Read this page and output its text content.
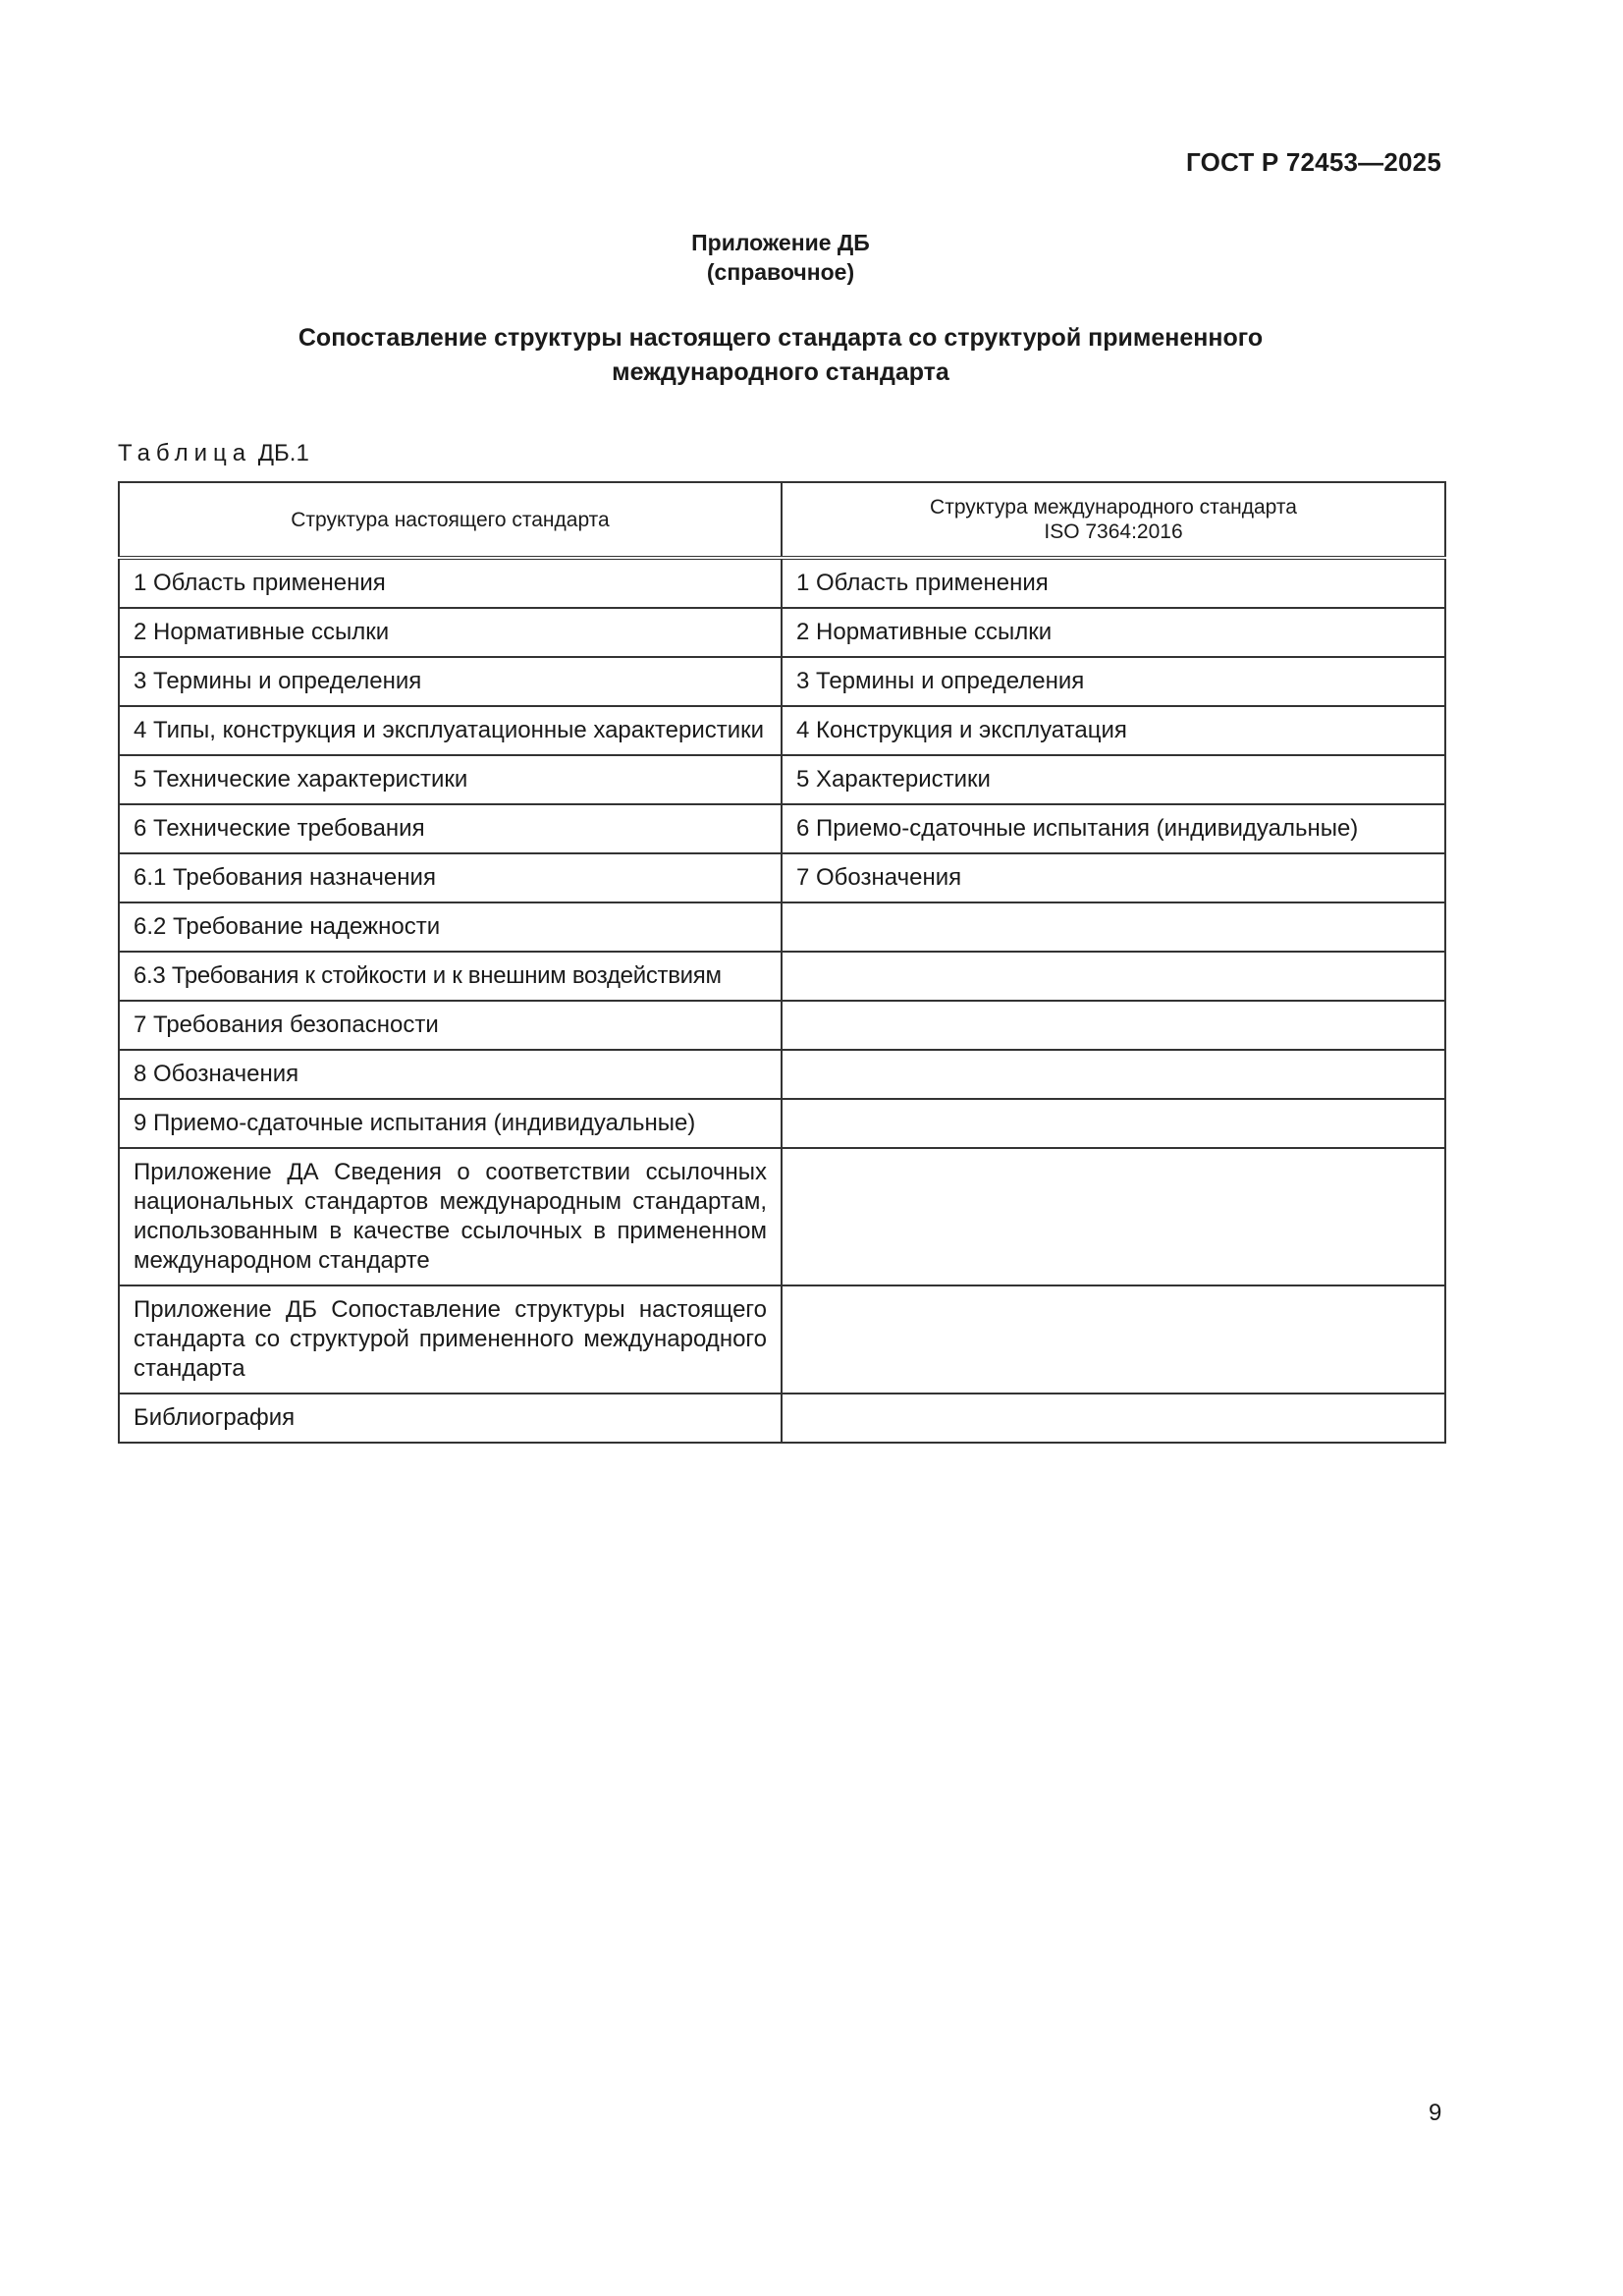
ГОСТ Р 72453—2025
Приложение ДБ
(справочное)
Сопоставление структуры настоящего стандарта со структурой примененного
международного стандарта
Таблица ДБ.1
Структура настоящего стандарта	Структура международного стандарта
ISO 7364:2016

1 Область применения	1 Область применения
2 Нормативные ссылки	2 Нормативные ссылки
3 Термины и определения	3 Термины и определения
4 Типы, конструкция и эксплуатационные характеристики	4 Конструкция и эксплуатация
5 Технические характеристики	5 Характеристики
6 Технические требования	6 Приемо-сдаточные испытания (индивидуальные)
6.1 Требования назначения	7 Обозначения
6.2 Требование надежности	
6.3 Требования к стойкости и к внешним воздействиям	
7 Требования безопасности	
8 Обозначения	
9 Приемо-сдаточные испытания (индивидуальные)	
Приложение ДА Сведения о соответствии ссылочных национальных стандартов международным стандартам, использованным в качестве ссылочных в примененном международном стандарте	
Приложение ДБ Сопоставление структуры настоящего стандарта со структурой примененного международного стандарта	
Библиография	
9
